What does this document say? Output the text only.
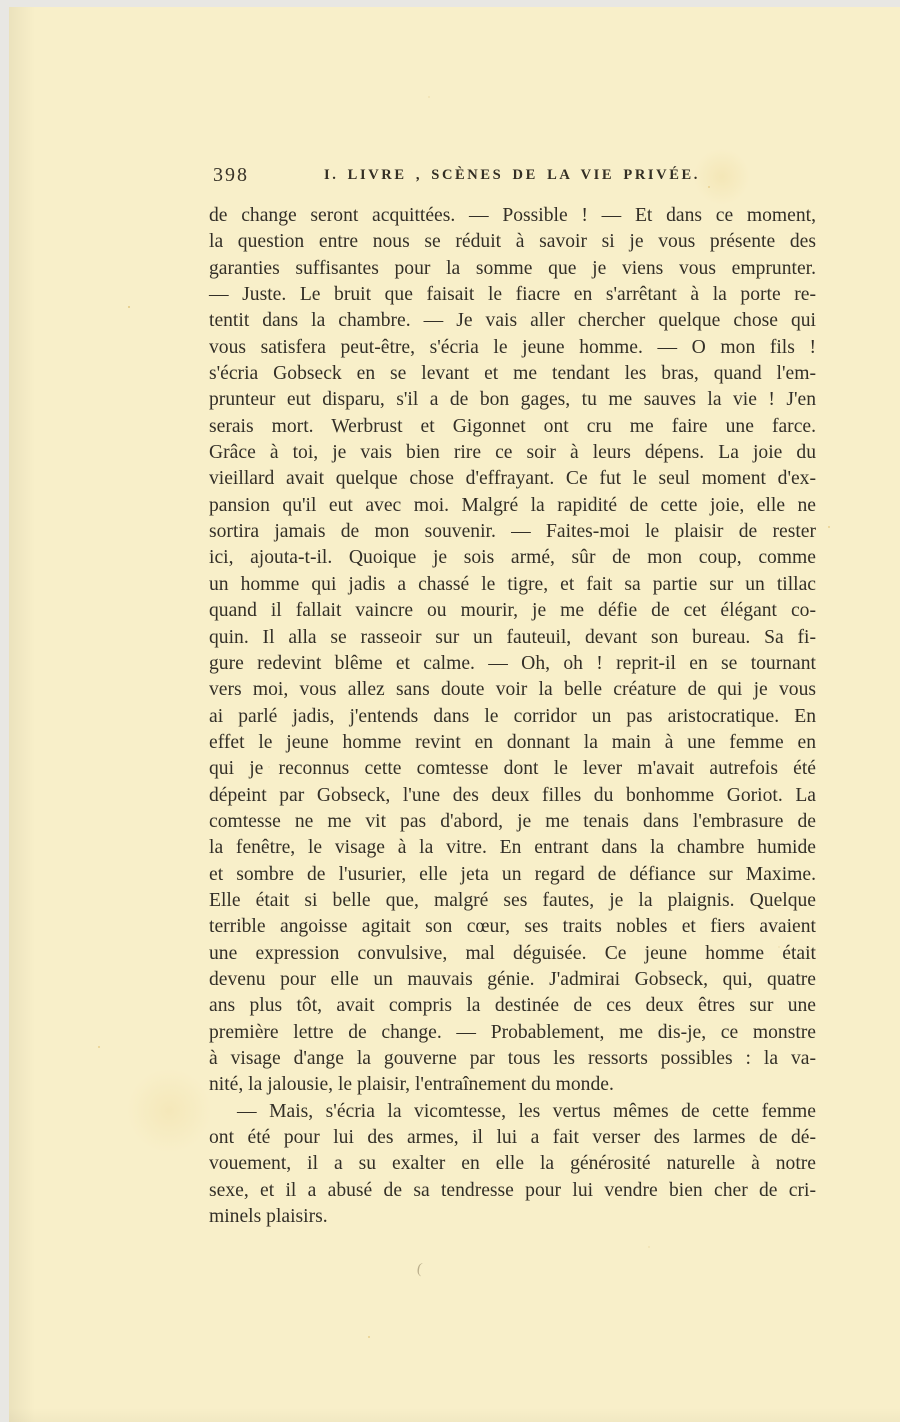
398	I. LIVRE , SCÈNES DE LA VIE PRIVÉE.
de change seront acquittées. — Possible ! — Et dans ce moment,
la question entre nous se réduit à savoir si je vous présente des
garanties suffisantes pour la somme que je viens vous emprunter.
— Juste. Le bruit que faisait le fiacre en s'arrêtant à la porte re-
tentit dans la chambre. — Je vais aller chercher quelque chose qui
vous satisfera peut-être, s'écria le jeune homme. — O mon fils !
s'écria Gobseck en se levant et me tendant les bras, quand l'em-
prunteur eut disparu, s'il a de bon gages, tu me sauves la vie ! J'en
serais mort. Werbrust et Gigonnet ont cru me faire une farce.
Grâce à toi, je vais bien rire ce soir à leurs dépens. La joie du
vieillard avait quelque chose d'effrayant. Ce fut le seul moment d'ex-
pansion qu'il eut avec moi. Malgré la rapidité de cette joie, elle ne
sortira jamais de mon souvenir. — Faites-moi le plaisir de rester
ici, ajouta-t-il. Quoique je sois armé, sûr de mon coup, comme
un homme qui jadis a chassé le tigre, et fait sa partie sur un tillac
quand il fallait vaincre ou mourir, je me défie de cet élégant co-
quin. Il alla se rasseoir sur un fauteuil, devant son bureau. Sa fi-
gure redevint blême et calme. — Oh, oh ! reprit-il en se tournant
vers moi, vous allez sans doute voir la belle créature de qui je vous
ai parlé jadis, j'entends dans le corridor un pas aristocratique. En
effet le jeune homme revint en donnant la main à une femme en
qui je reconnus cette comtesse dont le lever m'avait autrefois été
dépeint par Gobseck, l'une des deux filles du bonhomme Goriot. La
comtesse ne me vit pas d'abord, je me tenais dans l'embrasure de
la fenêtre, le visage à la vitre. En entrant dans la chambre humide
et sombre de l'usurier, elle jeta un regard de défiance sur Maxime.
Elle était si belle que, malgré ses fautes, je la plaignis. Quelque
terrible angoisse agitait son cœur, ses traits nobles et fiers avaient
une expression convulsive, mal déguisée. Ce jeune homme était
devenu pour elle un mauvais génie. J'admirai Gobseck, qui, quatre
ans plus tôt, avait compris la destinée de ces deux êtres sur une
première lettre de change. — Probablement, me dis-je, ce monstre
à visage d'ange la gouverne par tous les ressorts possibles : la va-
nité, la jalousie, le plaisir, l'entraînement du monde.
— Mais, s'écria la vicomtesse, les vertus mêmes de cette femme
ont été pour lui des armes, il lui a fait verser des larmes de dé-
vouement, il a su exalter en elle la générosité naturelle à notre
sexe, et il a abusé de sa tendresse pour lui vendre bien cher de cri-
minels plaisirs.
(
